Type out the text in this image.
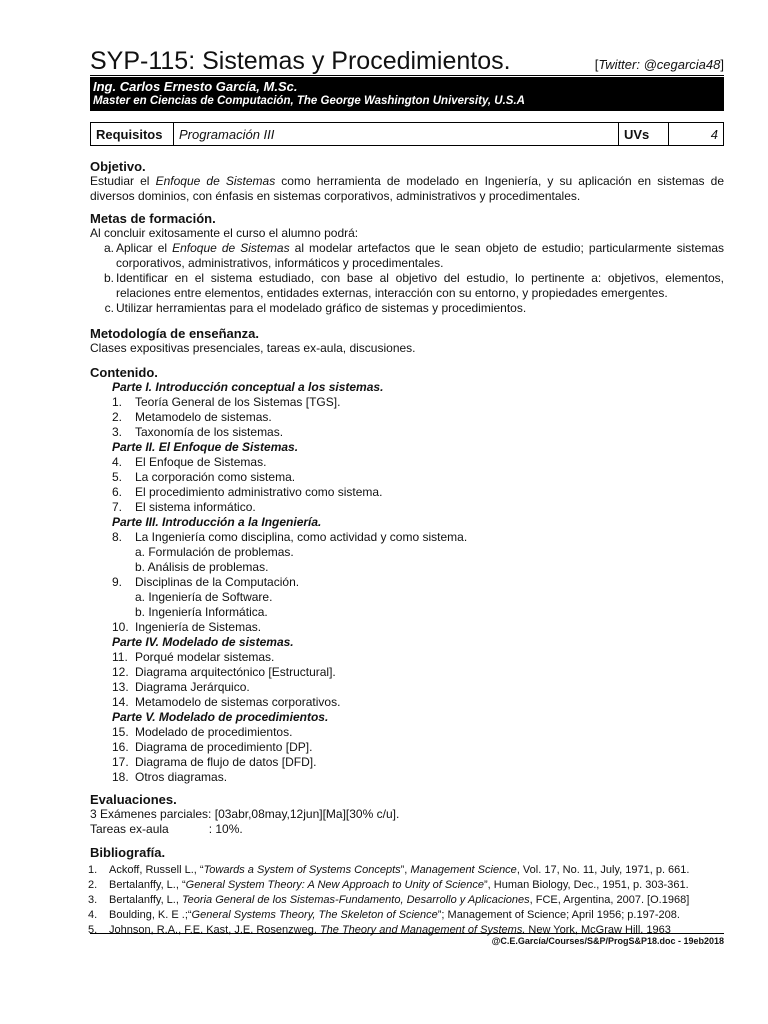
SYP-115: Sistemas y Procedimientos.	[Twitter: @cegarcia48]
Ing. Carlos Ernesto García, M.Sc.
Master en Ciencias de Computación, The George Washington University, U.S.A
Requisitos	Programación III	UVs	4
Objetivo.
Estudiar el Enfoque de Sistemas como herramienta de modelado en Ingeniería, y su aplicación en sistemas de diversos dominios, con énfasis en sistemas corporativos, administrativos y procedimentales.
Metas de formación.
Al concluir exitosamente el curso el alumno podrá:
a. Aplicar el Enfoque de Sistemas al modelar artefactos que le sean objeto de estudio; particularmente sistemas corporativos, administrativos, informáticos y procedimentales.
b. Identificar en el sistema estudiado, con base al objetivo del estudio, lo pertinente a: objetivos, elementos, relaciones entre elementos, entidades externas, interacción con su entorno, y propiedades emergentes.
c. Utilizar herramientas para el modelado gráfico de sistemas y procedimientos.
Metodología de enseñanza.
Clases expositivas presenciales, tareas ex-aula, discusiones.
Contenido.
Parte I. Introducción conceptual a los sistemas.
1.	Teoría General de los Sistemas [TGS].
2.	Metamodelo de sistemas.
3.	Taxonomía de los sistemas.
Parte II. El Enfoque de Sistemas.
4.	El Enfoque de Sistemas.
5.	La corporación como sistema.
6.	El procedimiento administrativo como sistema.
7.	El sistema informático.
Parte III. Introducción a la Ingeniería.
8.	La Ingeniería como disciplina, como actividad y como sistema.
a. Formulación de problemas.
b. Análisis de problemas.
9.	Disciplinas de la Computación.
a. Ingeniería de Software.
b. Ingeniería Informática.
10. Ingeniería de Sistemas.
Parte IV. Modelado de sistemas.
11. Porqué modelar sistemas.
12. Diagrama arquitectónico [Estructural].
13. Diagrama Jerárquico.
14. Metamodelo de sistemas corporativos.
Parte V. Modelado de procedimientos.
15. Modelado de procedimientos.
16. Diagrama de procedimiento [DP].
17. Diagrama de flujo de datos [DFD].
18. Otros diagramas.
Evaluaciones.
3 Exámenes parciales: [03abr,08may,12jun][Ma][30% c/u].
Tareas ex-aula            : 10%.
Bibliografía.
1.	Ackoff, Russell L., “Towards a System of Systems Concepts”, Management Science, Vol. 17, No. 11, July, 1971, p. 661.
2.	Bertalanffy, L., “General System Theory: A New Approach to Unity of Science”, Human Biology, Dec., 1951, p. 303-361.
3.	Bertalanffy, L., Teoria General de los Sistemas-Fundamento, Desarrollo y Aplicaciones, FCE, Argentina, 2007. [O.1968]
4.	Boulding, K. E .;“General Systems Theory, The Skeleton of Science”; Management of Science; April 1956; p.197-208.
5.	Johnson, R.A., F.E. Kast, J.E. Rosenzweg. The Theory and Management of Systems. New York, McGraw Hill. 1963
@C.E.García/Courses/S&P/ProgS&P18.doc - 19eb2018
